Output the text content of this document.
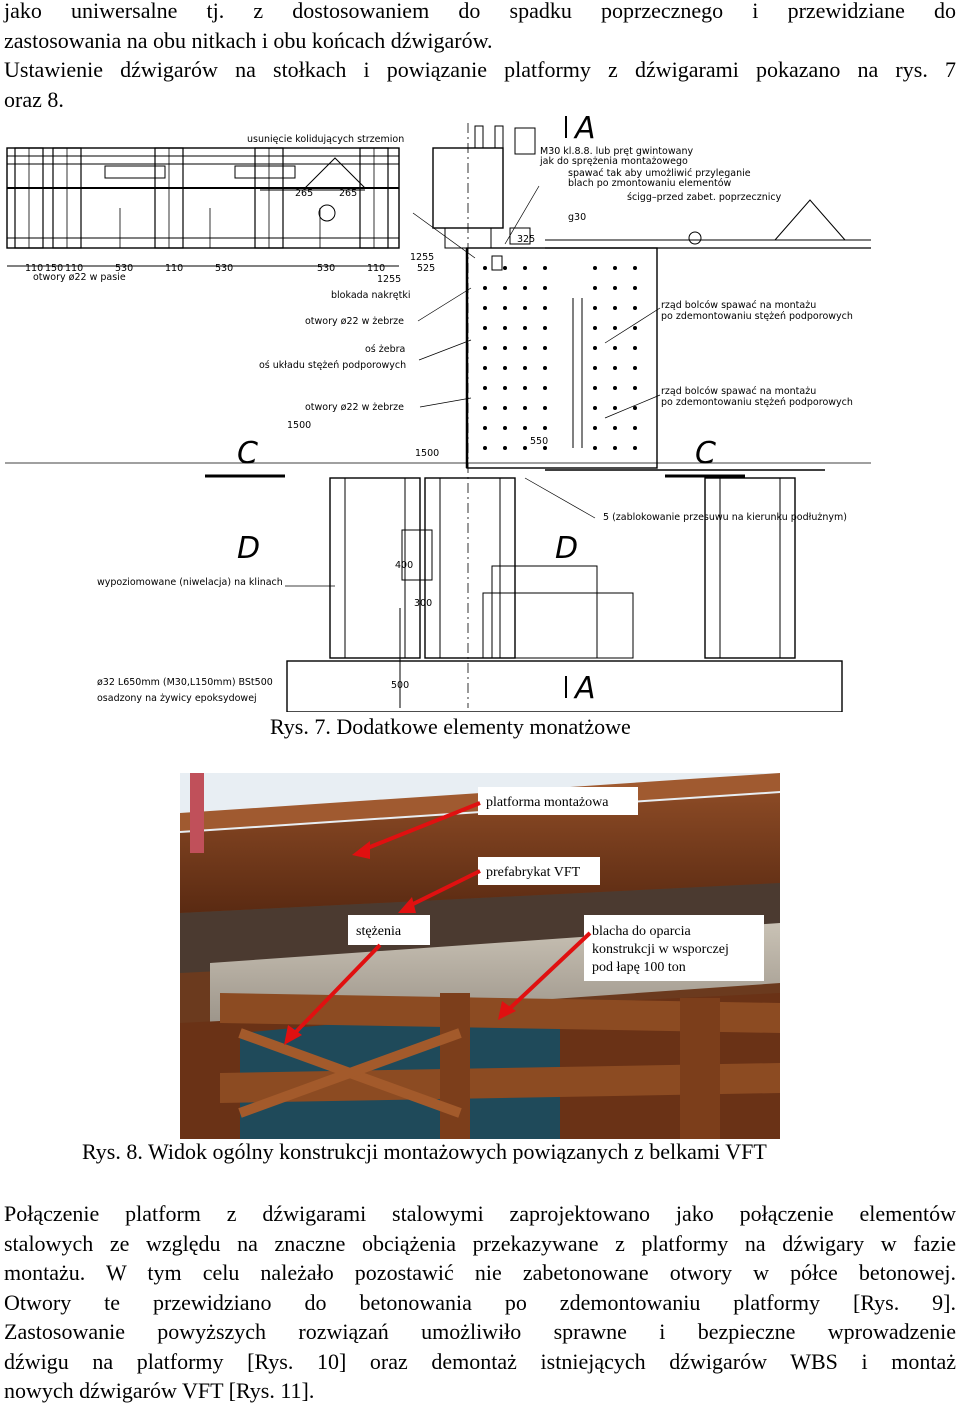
jako uniwersalne tj. z dostosowaniem do spadku poprzecznego i przewidziane do
zastosowania na obu nitkach i obu końcach dźwigarów.
Ustawienie dźwigarów na stołkach i powiązanie platformy z dźwigarami pokazano na rys. 7
oraz 8.

A
A
C	C
D	D
usunięcie kolidujących strzemion
M30 kl.8.8. lub pręt gwintowany
jak do sprężenia montażowego
spawać tak aby umożliwić przyleganie
blach po zmontowaniu elementów
ścigg–przed zabet. poprzeczniсу
g30
otwory ø22 w pasie
blokada nakrętki
otwory ø22 w żebrze
oś żebra
oś układu stężeń podporowych
otwory ø22 w żebrze
rząd bolców spawać na montażu
po zdemontowaniu stężeń podporowych
rząd bolców spawać na montażu
po zdemontowaniu stężeń podporowych
5 (zablokowanie przesuwu na kierunku podłużnym)
wypoziomowane (niwelacja) na klinach
ø32 L650mm (M30,L150mm) BSt500
osadzony na żywicy epoksydowej
265	265
110 150 110	530	110	530	530	110	525
1255
1255
1500
1500
550
400
300
500
325
Rys. 7. Dodatkowe elementy monatżowe
platforma montażowa
prefabrykat VFT
stężenia	blacha do oparcia
konstrukcji w wsporczej
pod łapę 100 ton
Rys. 8. Widok ogólny konstrukcji montażowych powiązanych z belkami VFT

Połączenie platform z dźwigarami stalowymi zaprojektowano jako połączenie elementów
stalowych ze względu na znaczne obciążenia przekazywane z platformy na dźwigary w fazie
montażu. W tym celu należało pozostawić nie zabetonowane otwory w półce betonowej.
Otwory te przewidziano do betonowania po zdemontowaniu platformy [Rys. 9].
Zastosowanie powyższych rozwiązań umożliwiło sprawne i bezpieczne wprowadzenie
dźwigu na platformy [Rys. 10] oraz demontaż istniejących dźwigarów WBS i montaż
nowych dźwigarów VFT [Rys. 11].
